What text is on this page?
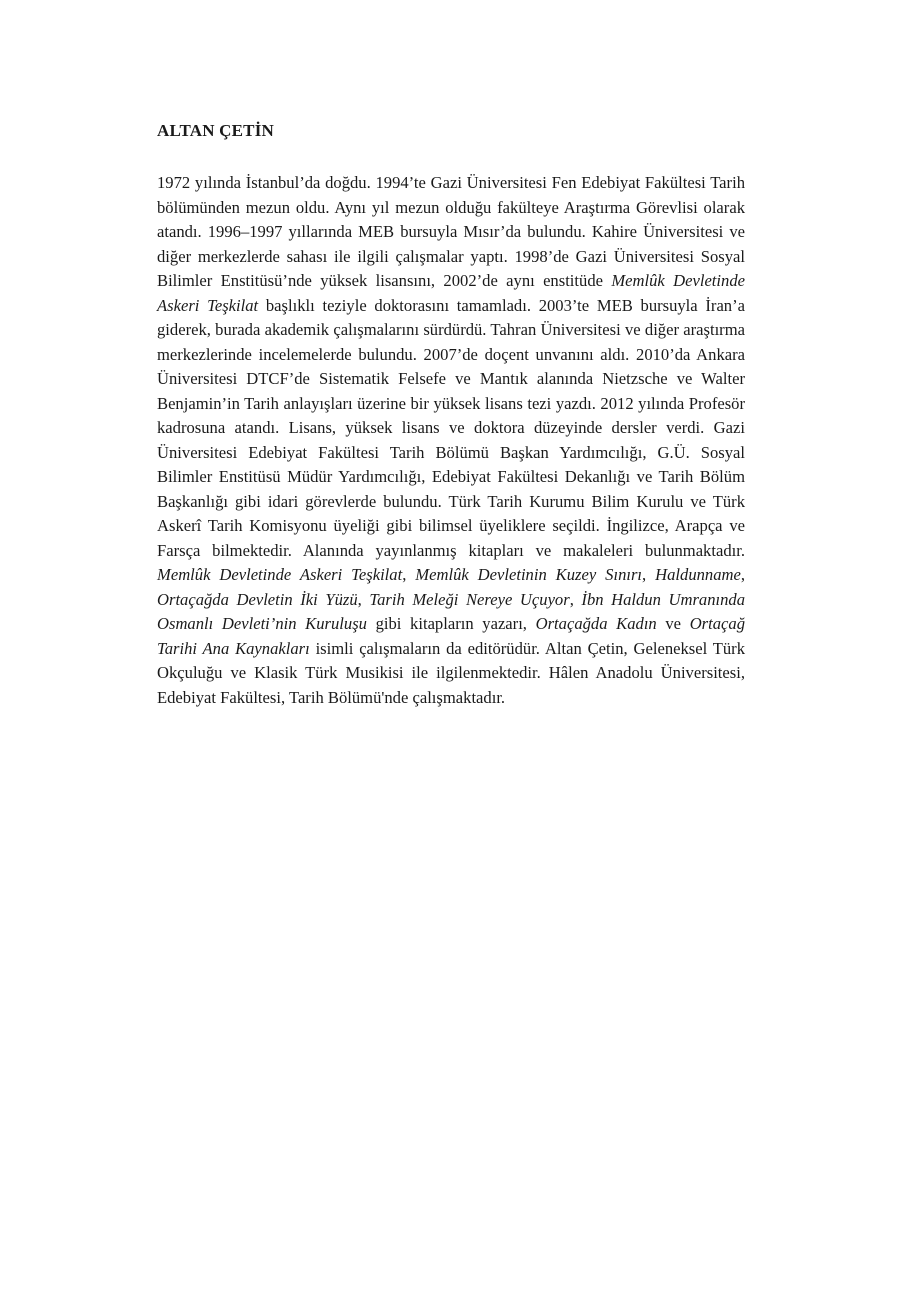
ALTAN ÇETİN

1972 yılında İstanbul’da doğdu. 1994’te Gazi Üniversitesi Fen Edebiyat Fakültesi Tarih bölümünden mezun oldu. Aynı yıl mezun olduğu fakülteye Araştırma Görevlisi olarak atandı. 1996–1997 yıllarında MEB bursuyla Mısır’da bulundu. Kahire Üniversitesi ve diğer merkezlerde sahası ile ilgili çalışmalar yaptı. 1998’de Gazi Üniversitesi Sosyal Bilimler Enstitüsü’nde yüksek lisansını, 2002’de aynı enstitüde Memlûk Devletinde Askeri Teşkilat başlıklı teziyle doktorasını tamamladı. 2003’te MEB bursuyla İran’a giderek, burada akademik çalışmalarını sürdürdü. Tahran Üniversitesi ve diğer araştırma merkezlerinde incelemelerde bulundu. 2007’de doçent unvanını aldı. 2010’da Ankara Üniversitesi DTCF’de Sistematik Felsefe ve Mantık alanında Nietzsche ve Walter Benjamin’in Tarih anlayışları üzerine bir yüksek lisans tezi yazdı. 2012 yılında Profesör kadrosuna atandı. Lisans, yüksek lisans ve doktora düzeyinde dersler verdi. Gazi Üniversitesi Edebiyat Fakültesi Tarih Bölümü Başkan Yardımcılığı, G.Ü. Sosyal Bilimler Enstitüsü Müdür Yardımcılığı, Edebiyat Fakültesi Dekanlığı ve Tarih Bölüm Başkanlığı gibi idari görevlerde bulundu. Türk Tarih Kurumu Bilim Kurulu ve Türk Askerî Tarih Komisyonu üyeliği gibi bilimsel üyeliklere seçildi. İngilizce, Arapça ve Farsça bilmektedir. Alanında yayınlanmış kitapları ve makaleleri bulunmaktadır. Memlûk Devletinde Askeri Teşkilat, Memlûk Devletinin Kuzey Sınırı, Haldunname, Ortaçağda Devletin İki Yüzü, Tarih Meleği Nereye Uçuyor, İbn Haldun Umranında Osmanlı Devleti’nin Kuruluşu gibi kitapların yazarı, Ortaçağda Kadın ve Ortaçağ Tarihi Ana Kaynakları isimli çalışmaların da editörüdür. Altan Çetin, Geleneksel Türk Okçuluğu ve Klasik Türk Musikisi ile ilgilenmektedir. Hâlen Anadolu Üniversitesi, Edebiyat Fakültesi, Tarih Bölümü'nde çalışmaktadır.
